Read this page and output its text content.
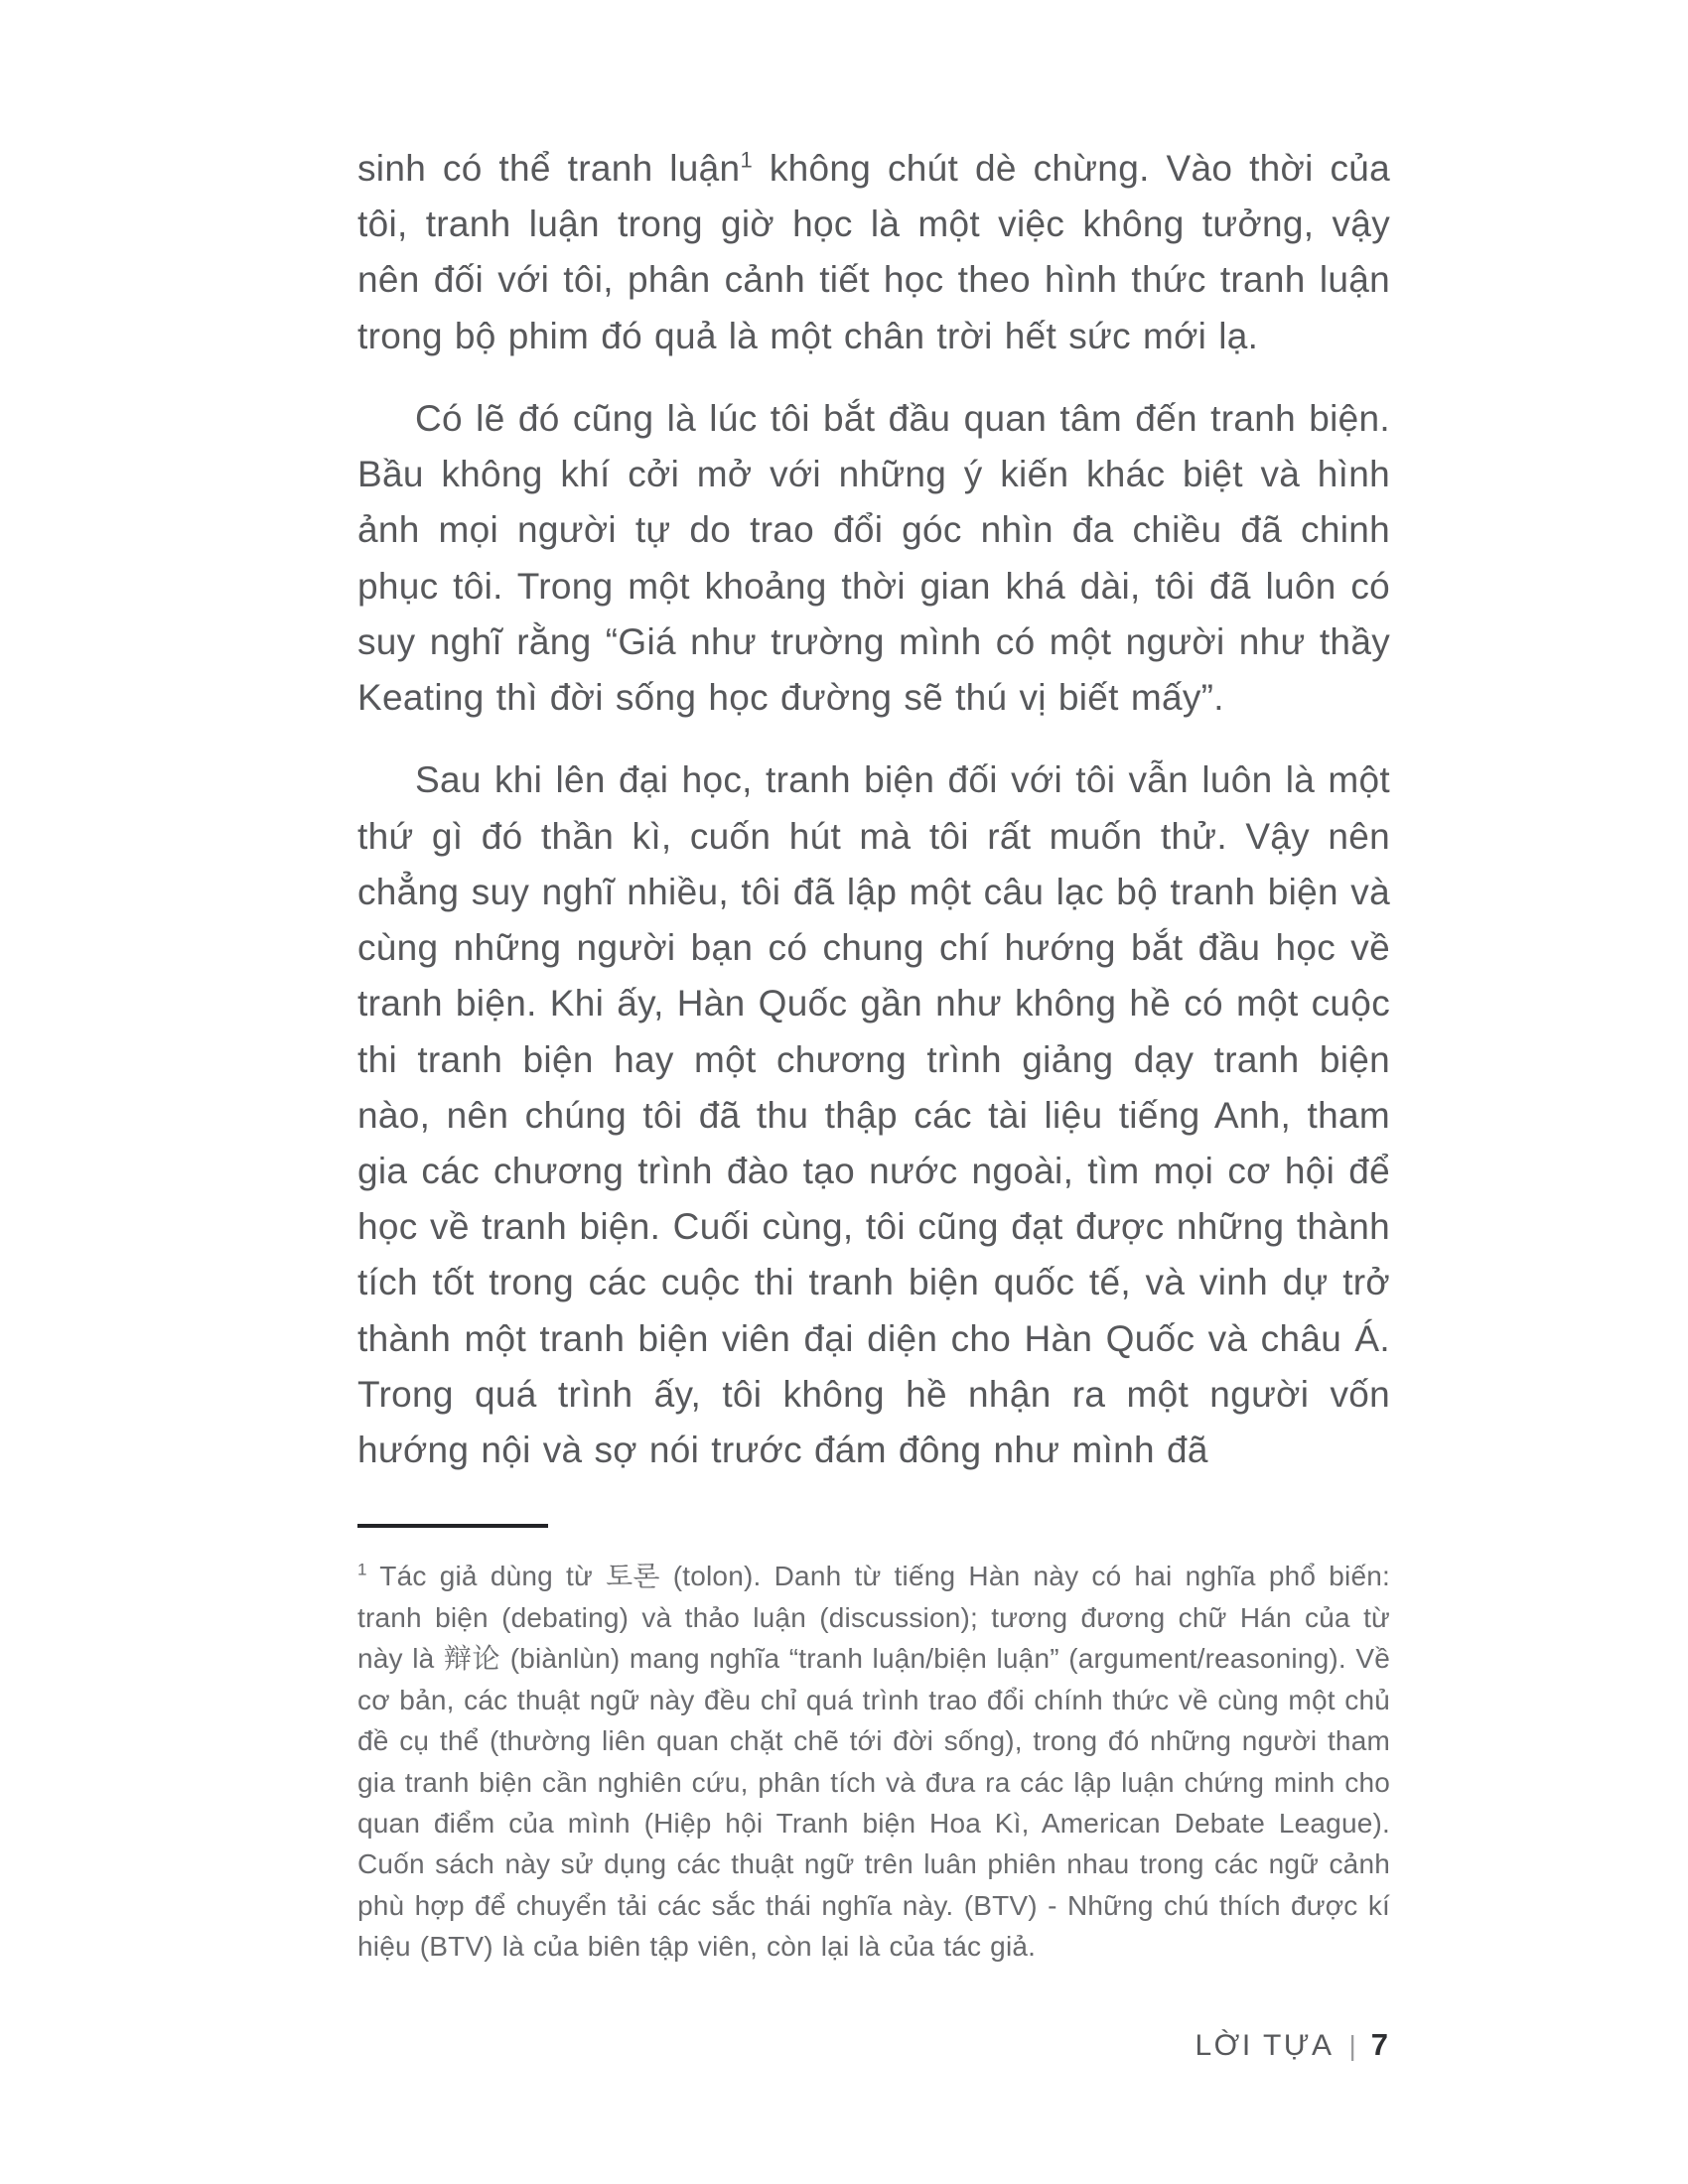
sinh có thể tranh luận$^1$ không chút dè chừng. Vào thời của tôi, tranh luận trong giờ học là một việc không tưởng, vậy nên đối với tôi, phân cảnh tiết học theo hình thức tranh luận trong bộ phim đó quả là một chân trời hết sức mới lạ.

Có lẽ đó cũng là lúc tôi bắt đầu quan tâm đến tranh biện. Bầu không khí cởi mở với những ý kiến khác biệt và hình ảnh mọi người tự do trao đổi góc nhìn đa chiều đã chinh phục tôi. Trong một khoảng thời gian khá dài, tôi đã luôn có suy nghĩ rằng “Giá như trường mình có một người như thầy Keating thì đời sống học đường sẽ thú vị biết mấy”.

Sau khi lên đại học, tranh biện đối với tôi vẫn luôn là một thứ gì đó thần kì, cuốn hút mà tôi rất muốn thử. Vậy nên chẳng suy nghĩ nhiều, tôi đã lập một câu lạc bộ tranh biện và cùng những người bạn có chung chí hướng bắt đầu học về tranh biện. Khi ấy, Hàn Quốc gần như không hề có một cuộc thi tranh biện hay một chương trình giảng dạy tranh biện nào, nên chúng tôi đã thu thập các tài liệu tiếng Anh, tham gia các chương trình đào tạo nước ngoài, tìm mọi cơ hội để học về tranh biện. Cuối cùng, tôi cũng đạt được những thành tích tốt trong các cuộc thi tranh biện quốc tế, và vinh dự trở thành một tranh biện viên đại diện cho Hàn Quốc và châu Á. Trong quá trình ấy, tôi không hề nhận ra một người vốn hướng nội và sợ nói trước đám đông như mình đã

$^1$ Tác giả dùng từ 토론 (tolon). Danh từ tiếng Hàn này có hai nghĩa phổ biến: tranh biện (debating) và thảo luận (discussion); tương đương chữ Hán của từ này là 辩论 (biànlùn) mang nghĩa “tranh luận/biện luận” (argument/reasoning). Về cơ bản, các thuật ngữ này đều chỉ quá trình trao đổi chính thức về cùng một chủ đề cụ thể (thường liên quan chặt chẽ tới đời sống), trong đó những người tham gia tranh biện cần nghiên cứu, phân tích và đưa ra các lập luận chứng minh cho quan điểm của mình (Hiệp hội Tranh biện Hoa Kì, American Debate League). Cuốn sách này sử dụng các thuật ngữ trên luân phiên nhau trong các ngữ cảnh phù hợp để chuyển tải các sắc thái nghĩa này. (BTV) - Những chú thích được kí hiệu (BTV) là của biên tập viên, còn lại là của tác giả.

LỜI TỰA | 7
